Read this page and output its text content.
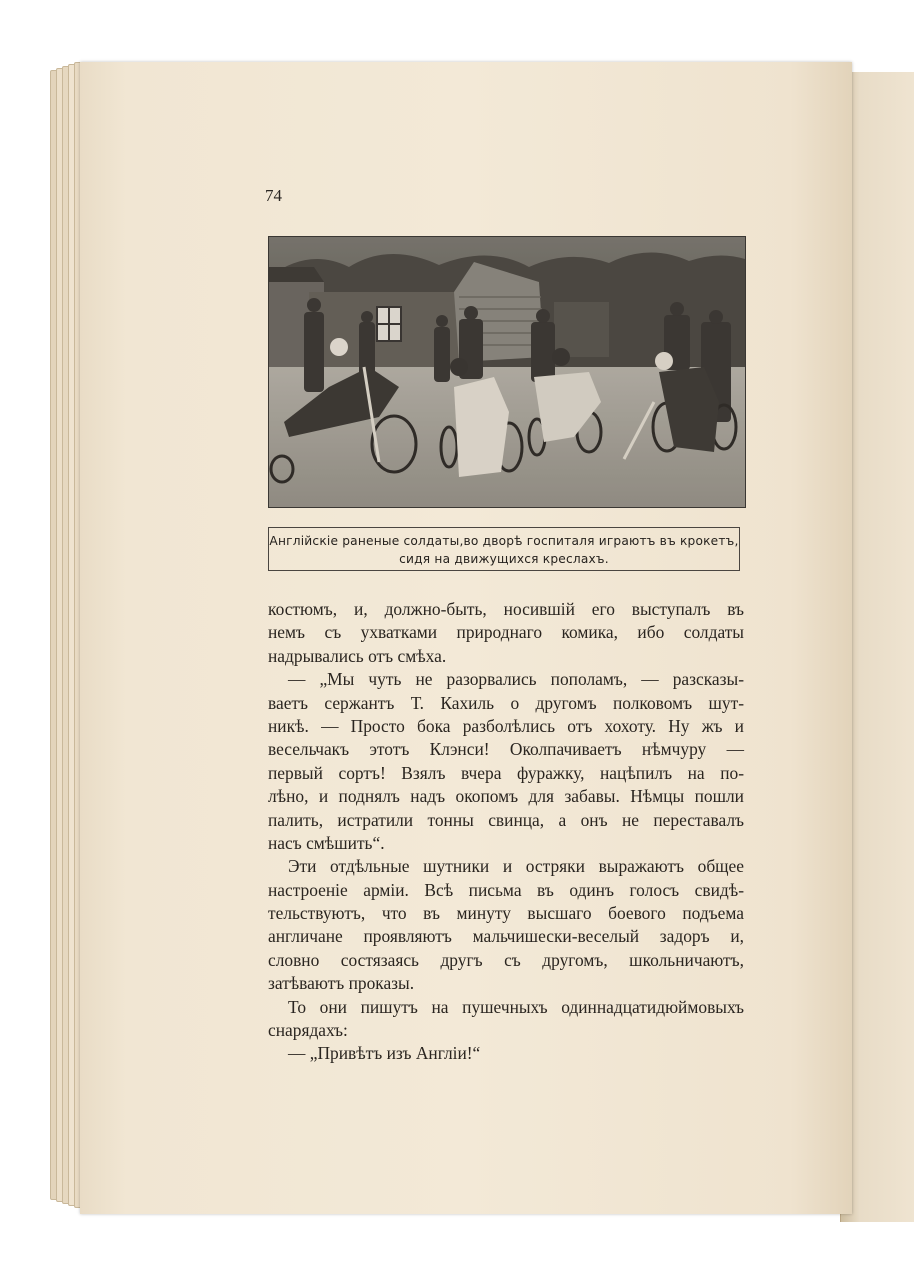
74
Англійскіе раненые солдаты,во дворѣ госпиталя играютъ въ крокетъ,
сидя на движущихся креслахъ.
костюмъ, и, должно-быть, носившій его выступалъ въ
немъ съ ухватками природнаго комика, ибо солдаты
надрывались отъ смѣха.
— „Мы чуть не разорвались пополамъ, — разсказы-
ваетъ сержантъ Т. Кахиль о другомъ полковомъ шут-
никѣ. — Просто бока разболѣлись отъ хохоту. Ну жъ и
весельчакъ этотъ Клэнси! Околпачиваетъ нѣмчуру —
первый сортъ! Взялъ вчера фуражку, нацѣпилъ на по-
лѣно, и поднялъ надъ окопомъ для забавы. Нѣмцы пошли
палить, истратили тонны свинца, а онъ не переставалъ
насъ смѣшить“.
Эти отдѣльные шутники и остряки выражаютъ общее
настроеніе арміи. Всѣ письма въ одинъ голосъ свидѣ-
тельствуютъ, что въ минуту высшаго боевого подъема
англичане проявляютъ мальчишески-веселый задоръ и,
словно состязаясь другъ съ другомъ, школьничаютъ,
затѣваютъ проказы.
То они пишутъ на пушечныхъ одиннадцатидюймовыхъ
снарядахъ:
— „Привѣтъ изъ Англіи!“
